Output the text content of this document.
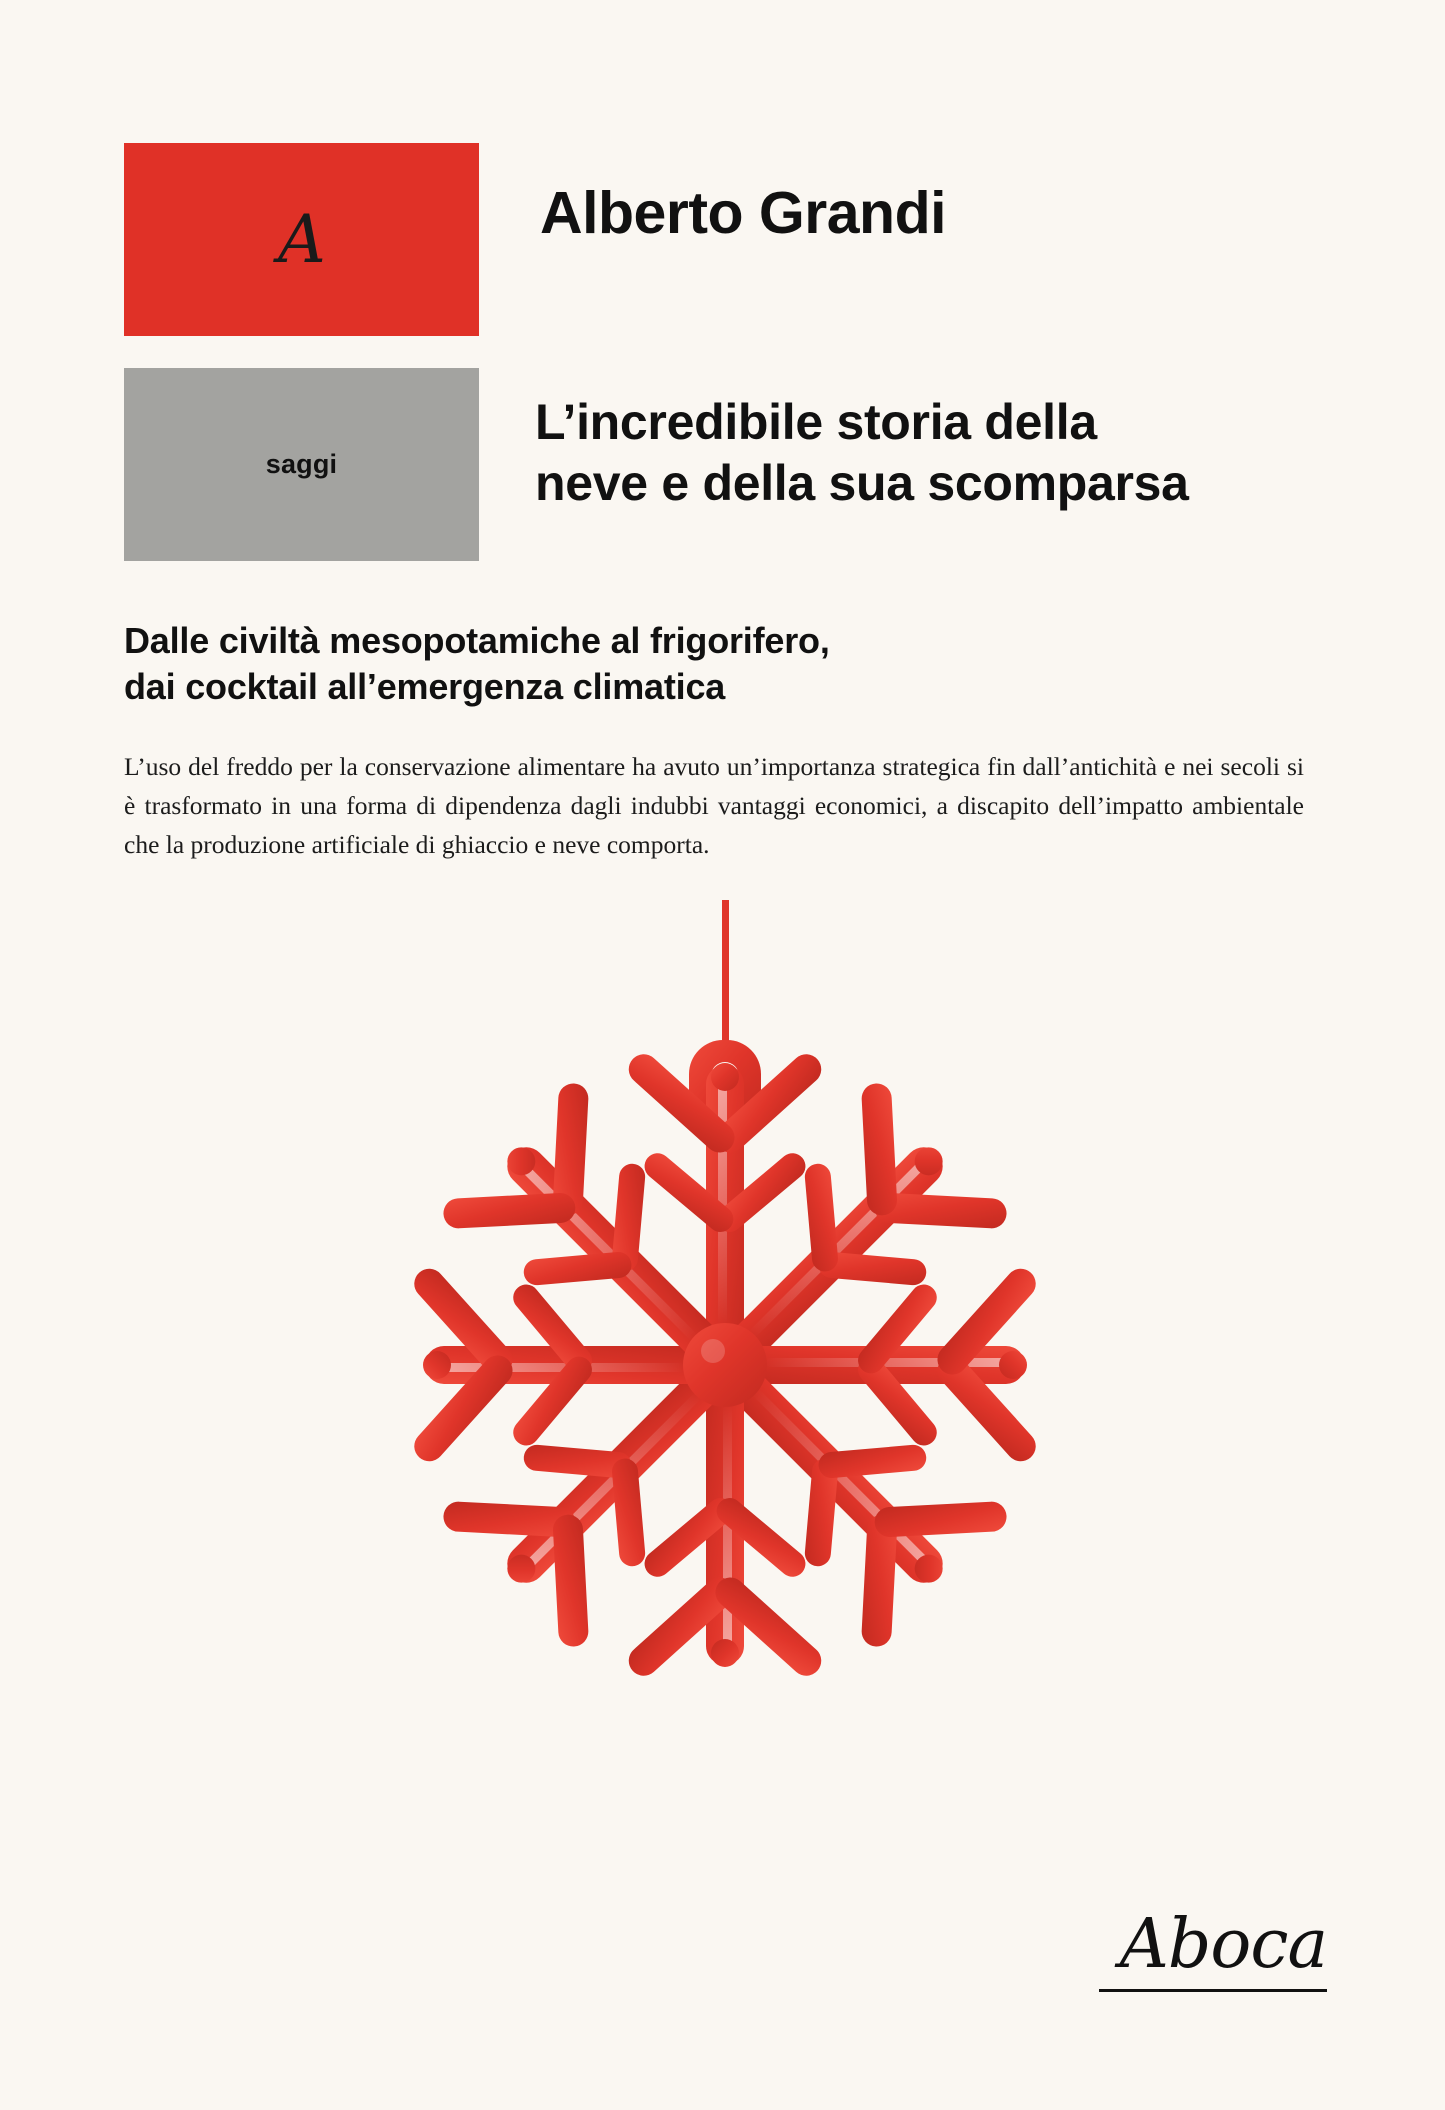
A
saggi
Alberto Grandi
L’incredibile storia della
neve e della sua scomparsa
Dalle civiltà mesopotamiche al frigorifero,
dai cocktail all’emergenza climatica
L’uso del freddo per la conservazione alimentare ha avuto un’importanza strategica fin dall’antichità e nei secoli si è trasformato in una forma di dipendenza dagli indubbi vantaggi economici, a discapito dell’impatto ambientale che la produzione artificiale di ghiaccio e neve comporta.
Aboca
